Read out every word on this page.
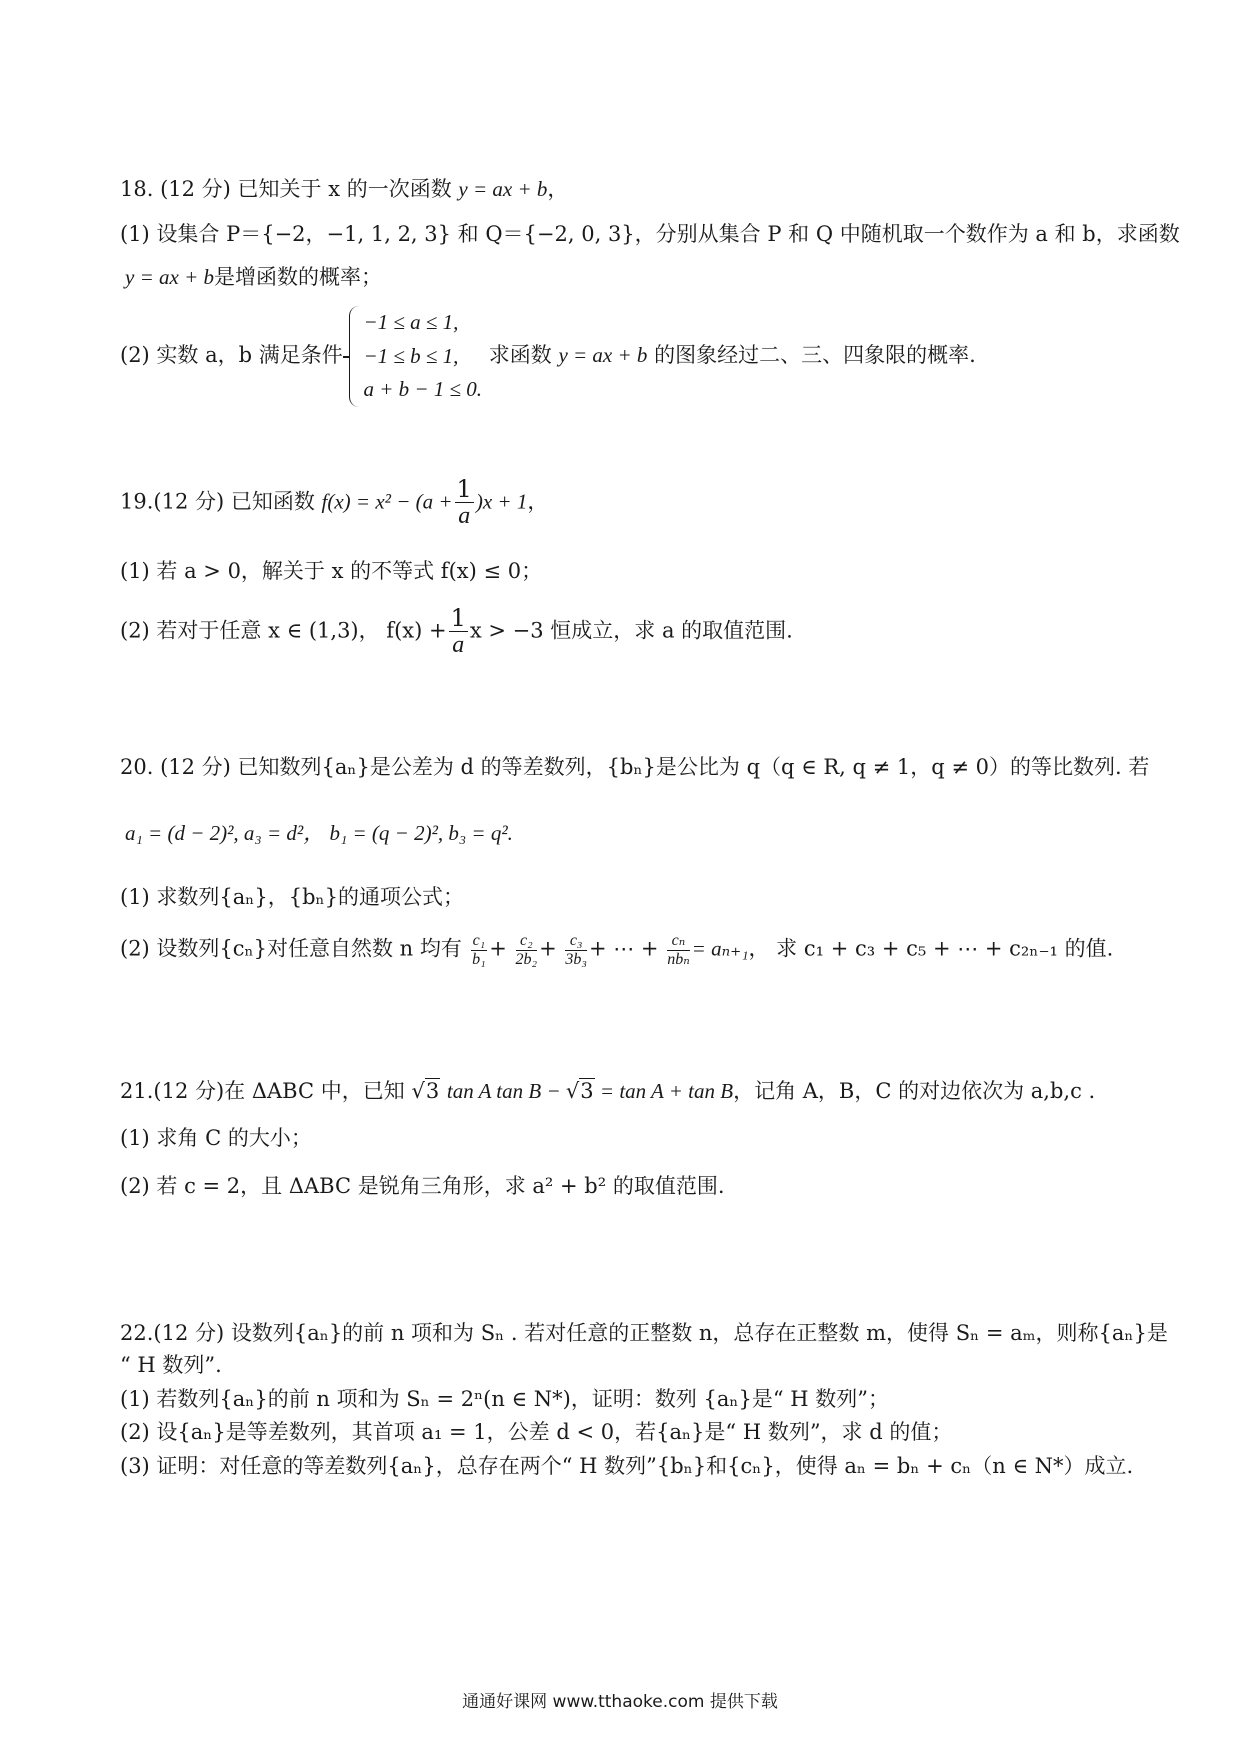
18. (12 分) 已知关于 x 的一次函数 y = ax + b，
(1) 设集合 P＝{−2，−1, 1, 2, 3} 和 Q＝{−2, 0, 3}，分别从集合 P 和 Q 中随机取一个数作为 a 和 b，求函数
y = ax + b是增函数的概率；
(2) 实数 a，b 满足条件
−1 ≤ a ≤ 1,
−1 ≤ b ≤ 1,
a + b − 1 ≤ 0.
求函数 y = ax + b 的图象经过二、三、四象限的概率.
19.(12 分) 已知函数 $f(x) = x^2 - (a + \frac{1}{a} )x + 1$，
(1) 若 a > 0，解关于 x 的不等式 f(x) ≤ 0；
(2) 若对于任意 x ∈ (1,3)， $f(x) + \frac{1}{a}$ x > −3 恒成立，求 a 的取值范围.
20. (12 分) 已知数列{aₙ}是公差为 d 的等差数列，{bₙ}是公比为 q（q ∈ R, q ≠ 1，q ≠ 0）的等比数列. 若
a₁ = (d − 2)², a₃ = d²， b₁ = (q − 2)², b₃ = q².
(1) 求数列{aₙ}，{bₙ}的通项公式；
(2) 设数列{cₙ}对任意自然数 n 均有 $\frac{\text{c₁}}{\text{b₁}} + \frac{\text{c₂}}{\text{2b₂}} + \frac{\text{c₃}}{\text{3b₃}}$ + ⋯ + $\frac{\text{cₙ}}{\text{nbₙ}} = a_{n+1}$， 求 c₁ + c₃ + c₅ + ⋯ + c₂ₙ₋₁ 的值.
21.(12 分)在 ΔABC 中，已知 √3 tan A tan B − √3 = tan A + tan B，记角 A，B，C 的对边依次为 a,b,c .
(1) 求角 C 的大小；
(2) 若 c = 2，且 ΔABC 是锐角三角形，求 a² + b² 的取值范围.
22.(12 分) 设数列{aₙ}的前 n 项和为 Sₙ . 若对任意的正整数 n，总存在正整数 m，使得 Sₙ = aₘ，则称{aₙ}是
“ H 数列”.
(1) 若数列{aₙ}的前 n 项和为 Sₙ = 2ⁿ(n ∈ N*)，证明：数列 {aₙ}是“ H 数列”；
(2) 设{aₙ}是等差数列，其首项 a₁ = 1，公差 d < 0，若{aₙ}是“ H 数列”，求 d 的值；
(3) 证明：对任意的等差数列{aₙ}，总存在两个“ H 数列”{bₙ}和{cₙ}，使得 aₙ = bₙ + cₙ（n ∈ N*）成立.
通通好课网 www.tthaoke.com 提供下载
